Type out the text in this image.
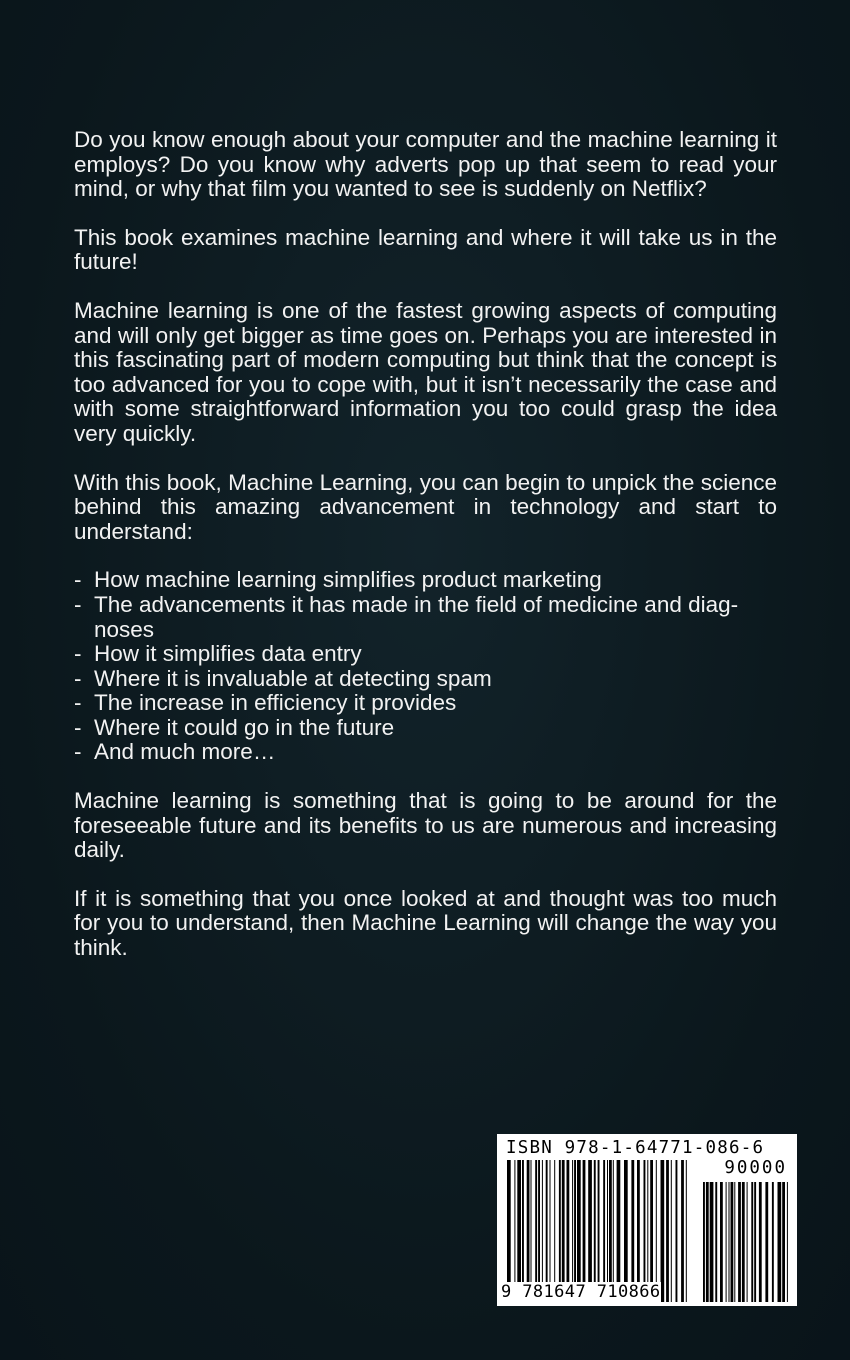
Do you know enough about your computer and the machine learning it employs? Do you know why adverts pop up that seem to read your mind, or why that film you wanted to see is suddenly on Netflix?

This book examines machine learning and where it will take us in the future!

Machine learning is one of the fastest growing aspects of computing and will only get bigger as time goes on. Perhaps you are interested in this fascinating part of modern computing but think that the concept is too advanced for you to cope with, but it isn’t necessarily the case and with some straightforward information you too could grasp the idea very quickly.

With this book, Machine Learning, you can begin to unpick the science behind this amazing advancement in technology and start to understand:

- How machine learning simplifies product marketing
- The advancements it has made in the field of medicine and diagnoses
- How it simplifies data entry
- Where it is invaluable at detecting spam
- The increase in efficiency it provides
- Where it could go in the future
- And much more…

Machine learning is something that is going to be around for the foreseeable future and its benefits to us are numerous and increasing daily.

If it is something that you once looked at and thought was too much for you to understand, then Machine Learning will change the way you think.

ISBN 978-1-64771-086-6
90000
9 781647 710866
